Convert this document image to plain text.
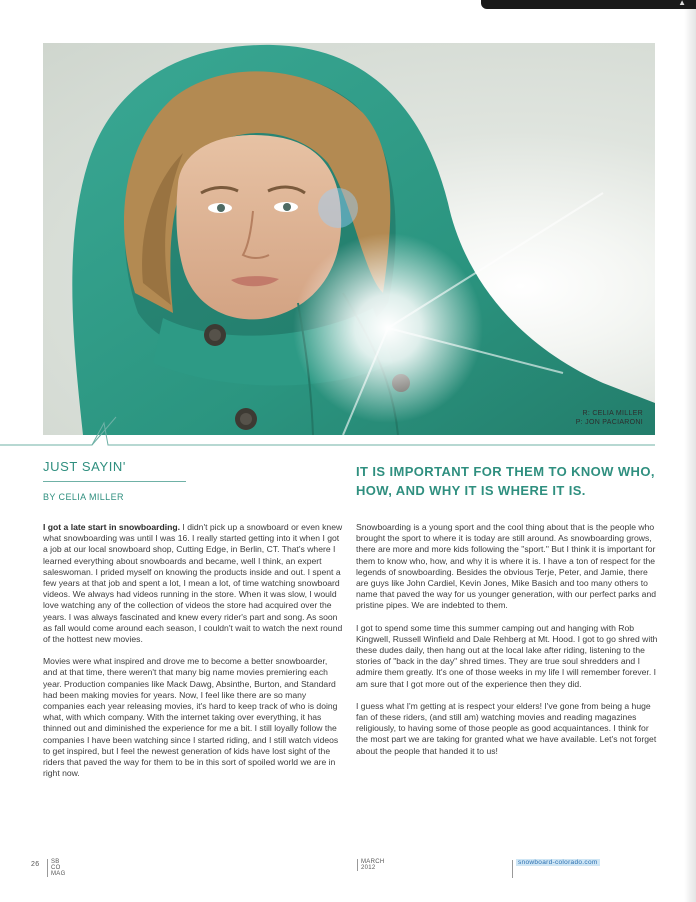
▲
R: CELIA MILLER
P: JON PACIARONI
JUST SAYIN'
BY CELIA MILLER
IT IS IMPORTANT FOR THEM TO KNOW WHO, HOW, AND WHY IT IS WHERE IT IS.

I got a late start in snowboarding. I didn't pick up a snowboard or even knew what snowboarding was until I was 16. I really started getting into it when I got a job at our local snowboard shop, Cutting Edge, in Berlin, CT. That's where I learned everything about snowboards and became, well I think, an expert saleswoman. I prided myself on knowing the products inside and out. I spent a few years at that job and spent a lot, I mean a lot, of time watching snowboard videos. We always had videos running in the store. When it was slow, I would love watching any of the collection of videos the store had acquired over the years. I was always fascinated and knew every rider's part and song. As soon as fall would come around each season, I couldn't wait to watch the next round of the hottest new movies.

Movies were what inspired and drove me to become a better snowboarder, and at that time, there weren't that many big name movies premiering each year. Production companies like Mack Dawg, Absinthe, Burton, and Standard had been making movies for years. Now, I feel like there are so many companies each year releasing movies, it's hard to keep track of who is doing what, with which company. With the internet taking over everything, it has thinned out and diminished the experience for me a bit. I still loyally follow the companies I have been watching since I started riding, and I still watch videos to get inspired, but I feel the newest generation of kids have lost sight of the riders that paved the way for them to be in this sort of spoiled world we are in right now.

Snowboarding is a young sport and the cool thing about that is the people who brought the sport to where it is today are still around. As snowboarding grows, there are more and more kids following the "sport." But I think it is important for them to know who, how, and why it is where it is. I have a ton of respect for the legends of snowboarding. Besides the obvious Terje, Peter, and Jamie, there are guys like John Cardiel, Kevin Jones, Mike Basich and too many others to name that paved the way for us younger generation, with our perfect parks and pristine pipes. We are indebted to them.

I got to spend some time this summer camping out and hanging with Rob Kingwell, Russell Winfield and Dale Rehberg at Mt. Hood. I got to go shred with these dudes daily, then hang out at the local lake after riding, listening to the stories of "back in the day" shred times. They are true soul shredders and I admire them greatly. It's one of those weeks in my life I will remember forever. I am sure that I got more out of the experience then they did.

I guess what I'm getting at is respect your elders! I've gone from being a huge fan of these riders, (and still am) watching movies and reading magazines religiously, to having some of those people as good acquaintances. I think for the most part we are taking for granted what we have available. Let's not forget about the people that handed it to us!

26 SB
CO
MAG
MARCH
2012
snowboard-colorado.com
